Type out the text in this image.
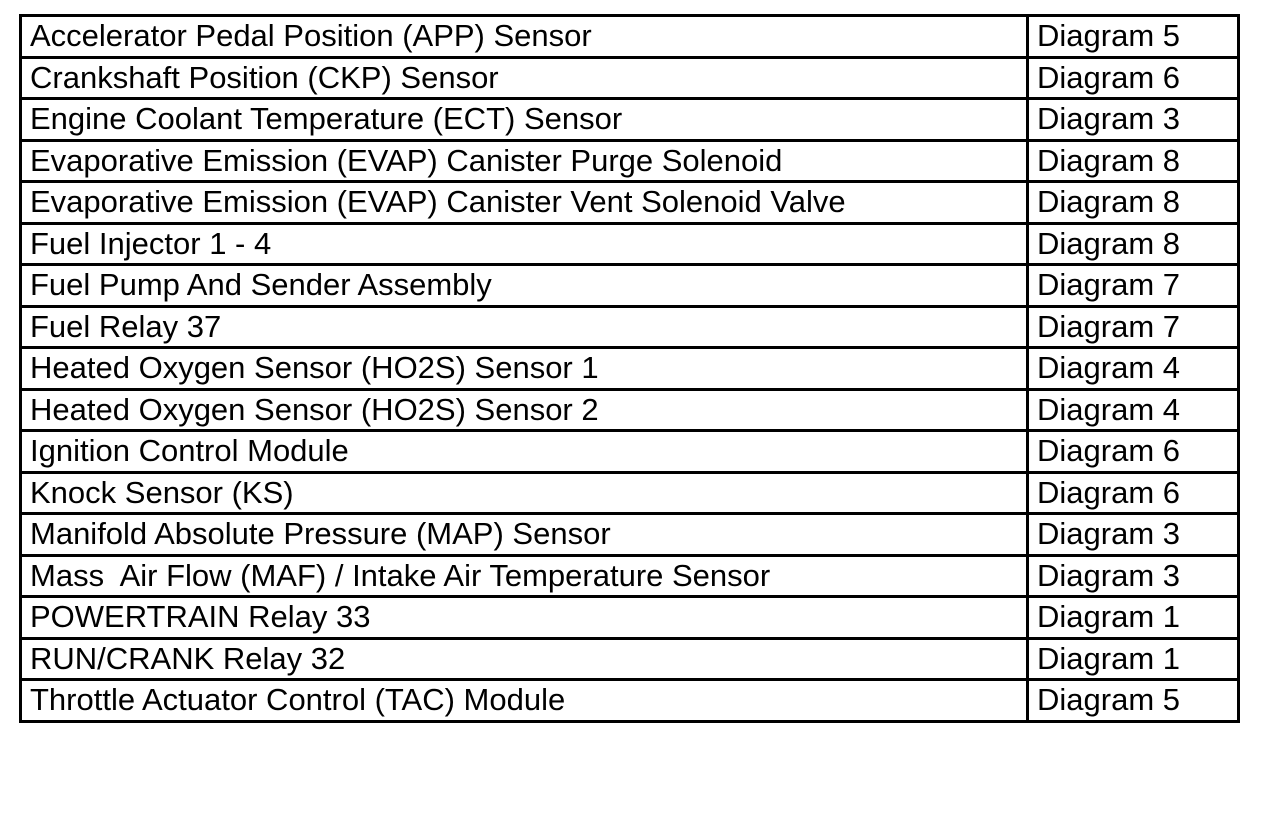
Accelerator Pedal Position (APP) Sensor	Diagram 5
Crankshaft Position (CKP) Sensor	Diagram 6
Engine Coolant Temperature (ECT) Sensor	Diagram 3
Evaporative Emission (EVAP) Canister Purge Solenoid	Diagram 8
Evaporative Emission (EVAP) Canister Vent Solenoid Valve	Diagram 8
Fuel Injector 1 - 4	Diagram 8
Fuel Pump And Sender Assembly	Diagram 7
Fuel Relay 37	Diagram 7
Heated Oxygen Sensor (HO2S) Sensor 1	Diagram 4
Heated Oxygen Sensor (HO2S) Sensor 2	Diagram 4
Ignition Control Module	Diagram 6
Knock Sensor (KS)	Diagram 6
Manifold Absolute Pressure (MAP) Sensor	Diagram 3
Mass  Air Flow (MAF) / Intake Air Temperature Sensor	Diagram 3
POWERTRAIN Relay 33	Diagram 1
RUN/CRANK Relay 32	Diagram 1
Throttle Actuator Control (TAC) Module	Diagram 5
